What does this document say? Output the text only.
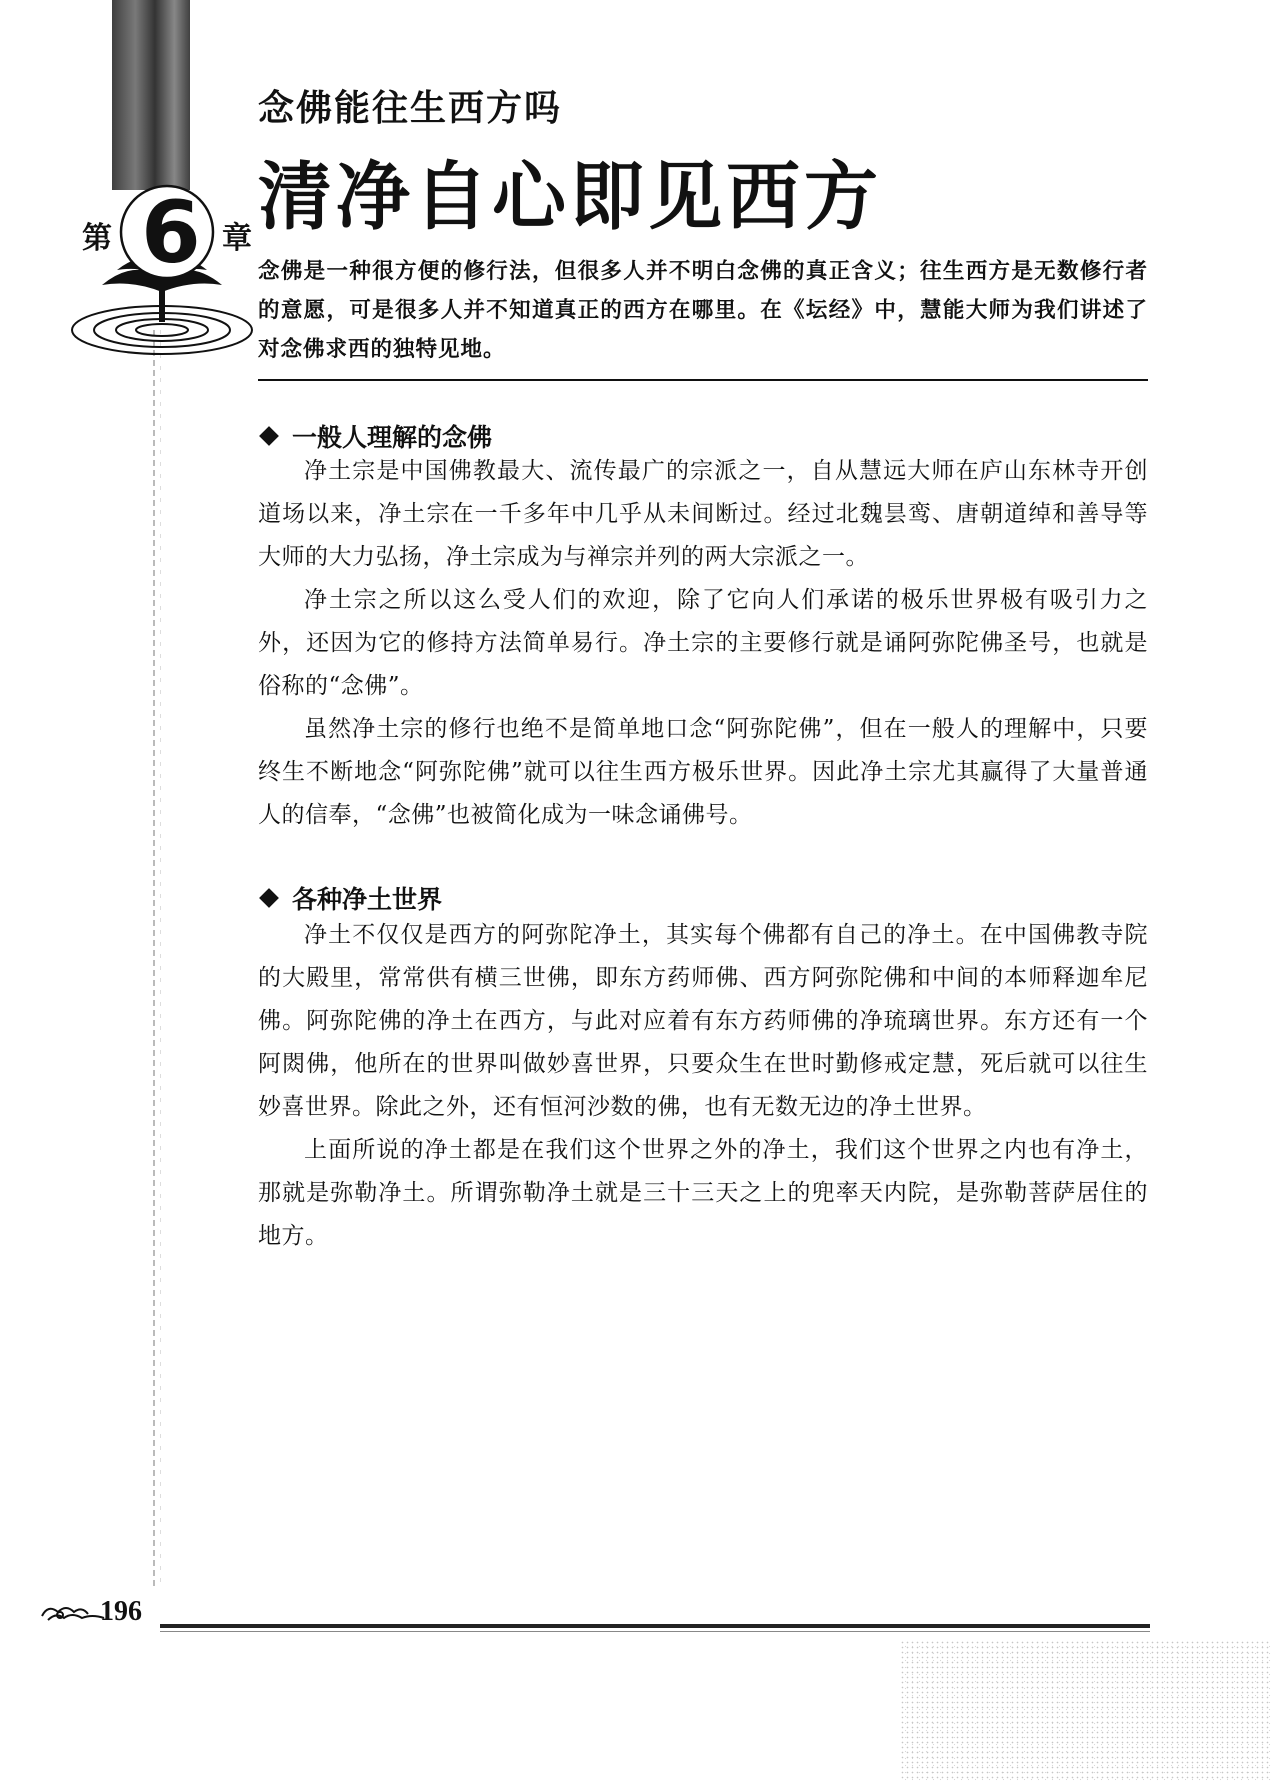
第 6 章
念佛能往生西方吗
清净自心即见西方
念佛是一种很方便的修行法，但很多人并不明白念佛的真正含义；往生西方是无数修行者的意愿，可是很多人并不知道真正的西方在哪里。在《坛经》中，慧能大师为我们讲述了对念佛求西的独特见地。
一般人理解的念佛

净土宗是中国佛教最大、流传最广的宗派之一，自从慧远大师在庐山东林寺开创道场以来，净土宗在一千多年中几乎从未间断过。经过北魏昙鸾、唐朝道绰和善导等大师的大力弘扬，净土宗成为与禅宗并列的两大宗派之一。

净土宗之所以这么受人们的欢迎，除了它向人们承诺的极乐世界极有吸引力之外，还因为它的修持方法简单易行。净土宗的主要修行就是诵阿弥陀佛圣号，也就是俗称的“念佛”。

虽然净土宗的修行也绝不是简单地口念“阿弥陀佛”，但在一般人的理解中，只要终生不断地念“阿弥陀佛”就可以往生西方极乐世界。因此净土宗尤其赢得了大量普通人的信奉，“念佛”也被简化成为一味念诵佛号。

各种净土世界

净土不仅仅是西方的阿弥陀净土，其实每个佛都有自己的净土。在中国佛教寺院的大殿里，常常供有横三世佛，即东方药师佛、西方阿弥陀佛和中间的本师释迦牟尼佛。阿弥陀佛的净土在西方，与此对应着有东方药师佛的净琉璃世界。东方还有一个阿閦佛，他所在的世界叫做妙喜世界，只要众生在世时勤修戒定慧，死后就可以往生妙喜世界。除此之外，还有恒河沙数的佛，也有无数无边的净土世界。

上面所说的净土都是在我们这个世界之外的净土，我们这个世界之内也有净土，那就是弥勒净土。所谓弥勒净土就是三十三天之上的兜率天内院，是弥勒菩萨居住的地方。

196
